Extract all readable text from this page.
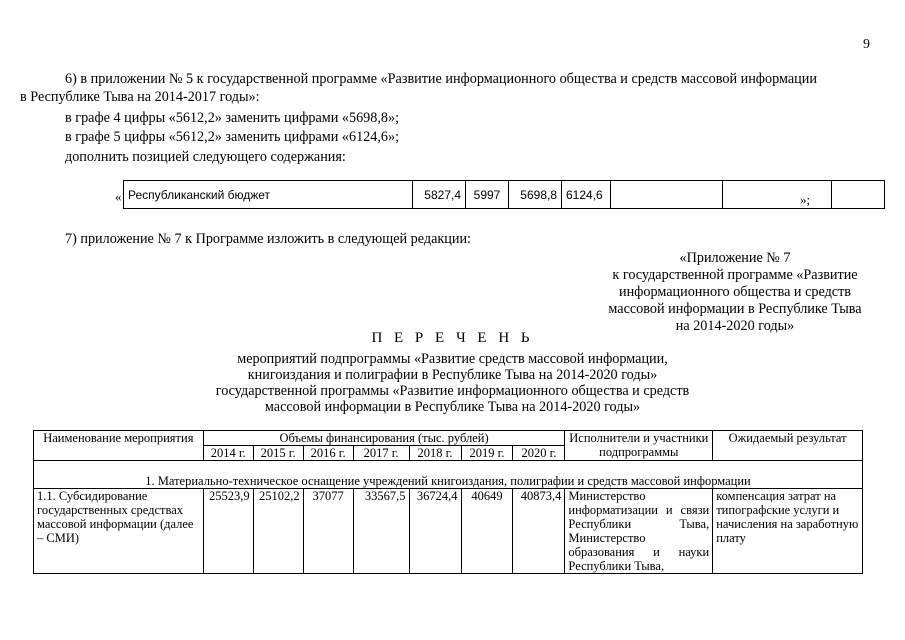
9
6) в приложении № 5 к государственной программе «Развитие информационного общества и средств массовой информации
в Республике Тыва на 2014-2017 годы»:
в графе 4 цифры «5612,2» заменить цифрами «5698,8»;
в графе 5 цифры «5612,2» заменить цифрами «6124,6»;
дополнить позицией следующего содержания:
« Республиканский бюджет	5827,4	5997	5698,8	6124,6				»;
7) приложение № 7 к Программе изложить в следующей редакции:
«Приложение № 7
к государственной программе «Развитие
информационного общества и средств
массовой информации в Республике Тыва
на 2014-2020 годы»
П Е Р Е Ч Е Н Ь
мероприятий подпрограммы «Развитие средств массовой информации,
книгоиздания и полиграфии в Республике Тыва на 2014-2020 годы»
государственной программы «Развитие информационного общества и средств
массовой информации в Республике Тыва на 2014-2020 годы»
Наименование мероприятия	Объемы финансирования (тыс. рублей)							Исполнители и участники подпрограммы	Ожидаемый результат
	2014 г.	2015 г.	2016 г.	2017 г.	2018 г.	2019 г.	2020 г.		
1. Материально-техническое оснащение учреждений книгоиздания, полиграфии и средств массовой информации									
1.1. Субсидирование государственных средствах массовой информации (далее – СМИ)	25523,9	25102,2	37077	33567,5	36724,4	40649	40873,4	Министерство информатизации и связи Республики Тыва, Министерство образования и науки Республики Тыва,	компенсация затрат на типографские услуги и начисления на заработную плату
